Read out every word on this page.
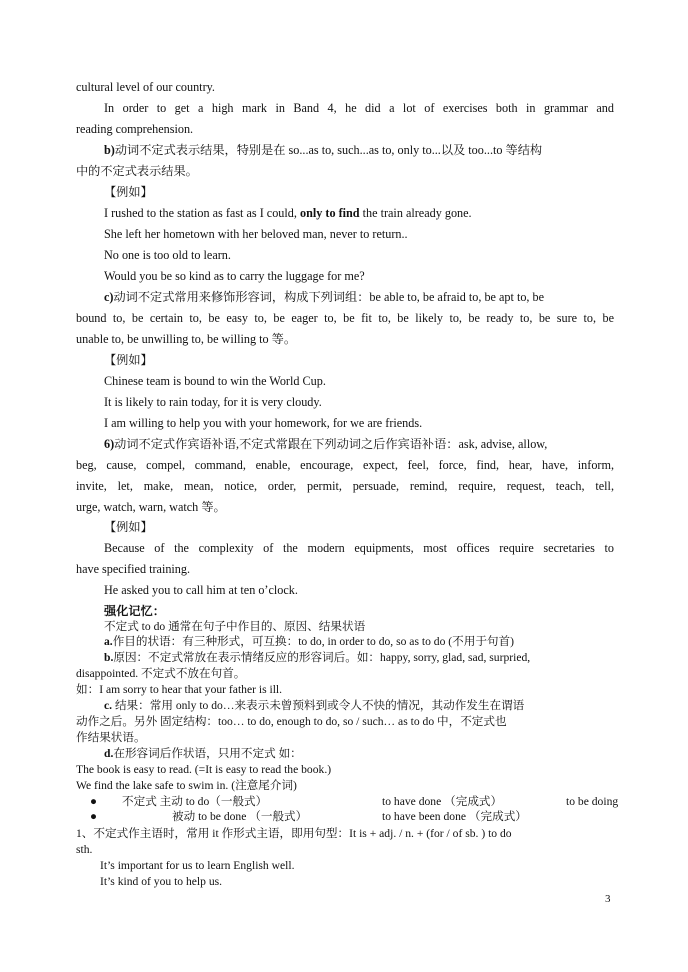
cultural level of our country.
In order to get a high mark in Band 4, he did a lot of exercises both in grammar and
reading comprehension.
b)动词不定式表示结果，特别是在 so...as to, such...as to, only to...以及 too...to 等结构
中的不定式表示结果。
【例如】
I rushed to the station as fast as I could, only to find the train already gone.
She left her hometown with her beloved man, never to return..
No one is too old to learn.
Would you be so kind as to carry the luggage for me?
c)动词不定式常用来修饰形容词，构成下列词组：be able to, be afraid to, be apt to, be
bound to, be certain to, be easy to, be eager to, be fit to, be likely to, be ready to, be sure to, be
unable to, be unwilling to, be willing to 等。
【例如】
Chinese team is bound to win the World Cup.
It is likely to rain today, for it is very cloudy.
I am willing to help you with your homework, for we are friends.
6)动词不定式作宾语补语,不定式常跟在下列动词之后作宾语补语：ask, advise, allow,
beg, cause, compel, command, enable, encourage, expect, feel, force, find, hear, have, inform,
invite, let, make, mean, notice, order, permit, persuade, remind, require, request, teach, tell,
urge, watch, warn, watch 等。
【例如】
Because of the complexity of the modern equipments, most offices require secretaries to
have specified training.
He asked you to call him at ten o’clock.
强化记忆：
不定式 to do 通常在句子中作目的、原因、结果状语
a.作目的状语：有三种形式，可互换：to do, in order to do, so as to do (不用于句首)
b.原因：不定式常放在表示情绪反应的形容词后。如：happy, sorry, glad, sad, surpried,
disappointed. 不定式不放在句首。
如：I am sorry to hear that your father is ill.
c. 结果：常用 only to do…来表示未曾预料到或令人不快的情况，其动作发生在谓语
动作之后。另外 固定结构：too… to do, enough to do, so / such… as to do 中，不定式也
作结果状语。
d.在形容词后作状语，只用不定式 如：
The book is easy to read. (=It is easy to read the book.)
We find the lake safe to swim in. (注意尾介词)
● 不定式 主动 to do（一般式）	to have done （完成式）	to be doing
●	被动 to be done （一般式）	to have been done （完成式）
1、不定式作主语时，常用 it 作形式主语，即用句型：It is + adj. / n. + (for / of sb. ) to do
sth.
It’s important for us to learn English well.
It’s kind of you to help us.
3
